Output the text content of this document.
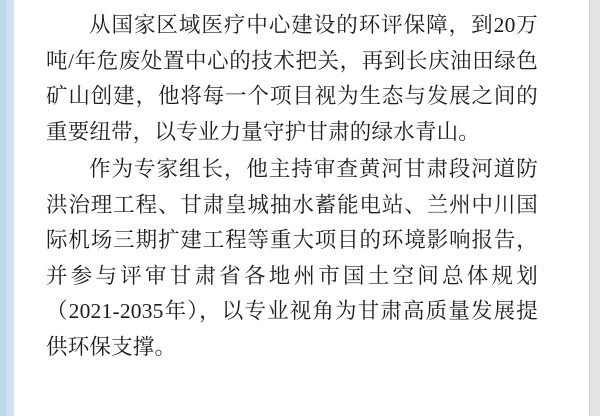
从国家区域医疗中心建设的环评保障，到20万吨/年危废处置中心的技术把关，再到长庆油田绿色矿山创建，他将每一个项目视为生态与发展之间的重要纽带，以专业力量守护甘肃的绿水青山。

作为专家组长，他主持审查黄河甘肃段河道防洪治理工程、甘肃皇城抽水蓄能电站、兰州中川国际机场三期扩建工程等重大项目的环境影响报告，并参与评审甘肃省各地州市国土空间总体规划（2021-2035年），以专业视角为甘肃高质量发展提供环保支撑。
